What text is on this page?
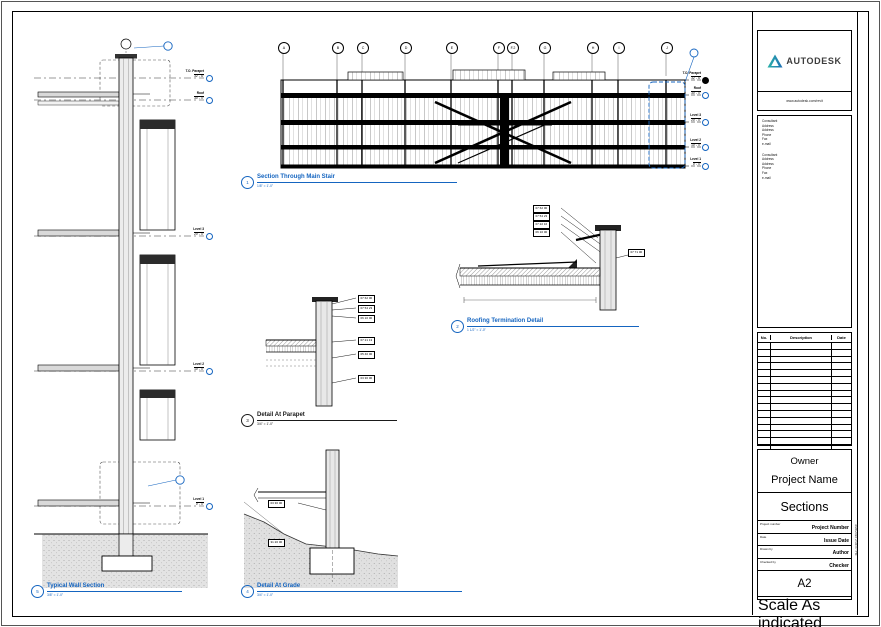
1
Section Through Main Stair
1/8" = 1'-0"
5
Typical Wall Section
3/8" = 1'-0"
3
Detail At Parapet
3/4" = 1'-0"
2
Roofing Termination Detail
1 1/2" = 1'-0"
4
Detail At Grade
3/4" = 1'-0"
A	B	C	D	E	F	F.2	G	H	I	J
T.O. Parapet
32' - 6"
Roof
30' - 0"
Level 3
20' - 0"
Level 2
10' - 0"
Level 1
0' - 0"
T.O. Parapet
32' - 6"
Roof
30' - 0"
Level 3
20' - 0"
Level 2
10' - 0"
Level 1
0' - 0"
07 62 00
07 54 23
06 10 00
07 21 13
05 40 00
03 30 00
07 62 00
07 54 23
07 22 16
06 10 00
07 71 00
03 30 00
31 20 00
AUTODESK
www.autodesk.com/revit
Consultant
Address
Address
Phone
Fax
e-mail
Consultant
Address
Address
Phone
Fax
e-mail
No.	Description	Date
Owner
Project Name
Sections
Project number
Project Number
Date
Issue Date
Drawn by
Author
Checked by
Checker
A2
Scale As indicated
3/28/2015 2:04:57 PM
